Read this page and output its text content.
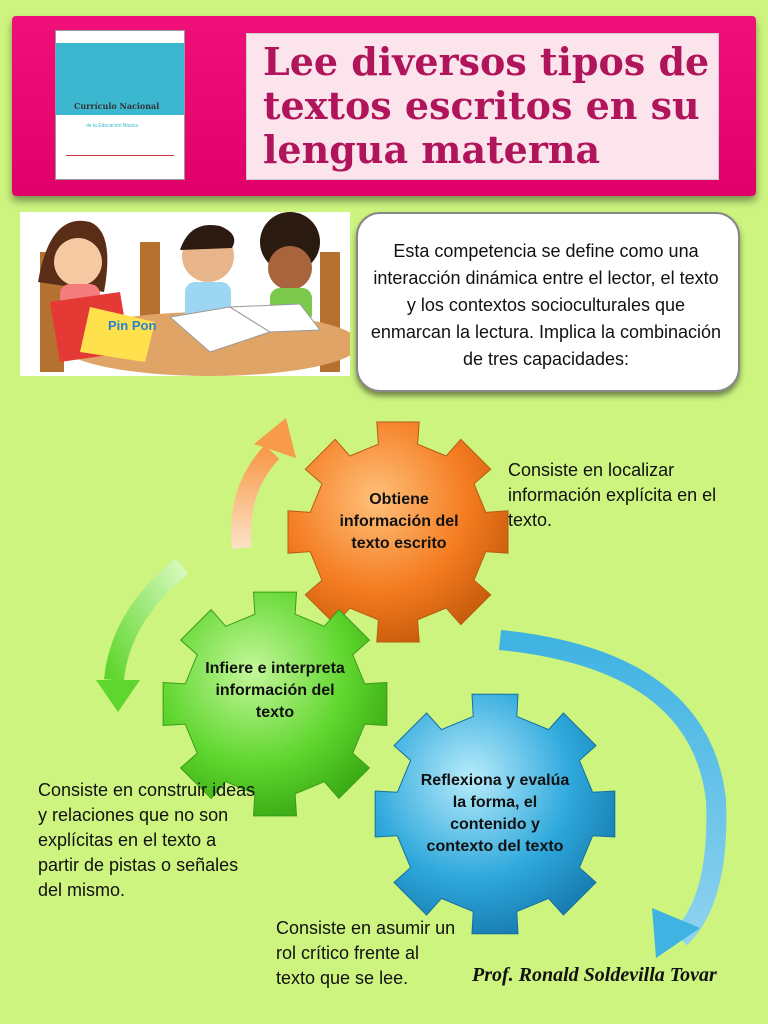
Currículo Nacional
de la Educación Básica
Lee diversos tipos de textos escritos en su lengua materna
Pin Pon

Esta competencia se define como una interacción dinámica entre el lector, el texto y los contextos socioculturales que enmarcan la lectura. Implica la combinación de tres capacidades:

Obtiene información del texto escrito
Infiere e interpreta información del texto
Reflexiona y evalúa la forma, el contenido y contexto del texto

Consiste en localizar información explícita en el texto.

Consiste en construir ideas y relaciones que no son explícitas en el texto a partir de pistas o señales del mismo.

Consiste en asumir un rol crítico frente al texto que se lee.	Prof. Ronald Soldevilla Tovar
